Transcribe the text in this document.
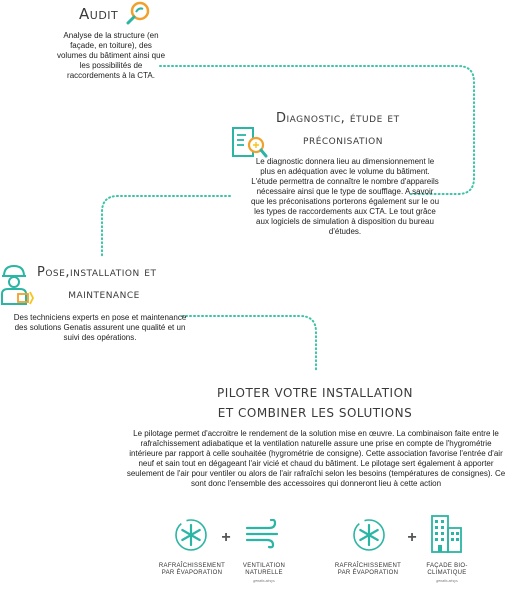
Audit
Analyse de la structure (en façade, en toiture), des volumes du bâtiment ainsi que les possibilités de raccordements à la CTA.
Diagnostic, étude et
préconisation
Le diagnostic donnera lieu au dimensionnement le plus en adéquation avec le volume du bâtiment. L'étude permettra de connaître le nombre d'appareils nécessaire ainsi que le type de soufflage. A savoir que les préconisations porterons également sur le ou les types de raccordements aux CTA. Le tout grâce aux logiciels de simulation à disposition du bureau d'études.
Pose,installation et
maintenance
Des techniciens experts en pose et maintenance des solutions Genatis assurent une qualité et un suivi des opérations.
PILOTER VOTRE INSTALLATION
ET COMBINER LES SOLUTIONS
Le pilotage permet d'accroitre le rendement de la solution mise en œuvre. La combinaison faite entre le rafraîchissement adiabatique et la ventilation naturelle assure une prise en compte de l'hygrométrie intérieure par rapport à celle souhaitée (hygrométrie de consigne). Cette association favorise l'entrée d'air neuf et sain tout en dégageant l'air vicié et chaud du bâtiment. Le pilotage sert également à apporter seulement de l'air pour ventiler ou alors de l'air rafraîchi selon les besoins (températures de consignes). Ce sont donc l'ensemble des accessoires qui donneront lieu à cette action
+
RAFRAÎCHISSEMENT PAR ÉVAPORATION
VENTILATION NATURELLE
genatis airsys
+
RAFRAÎCHISSEMENT PAR ÉVAPORATION
FAÇADE BIO-CLIMATIQUE
genatis airsys
